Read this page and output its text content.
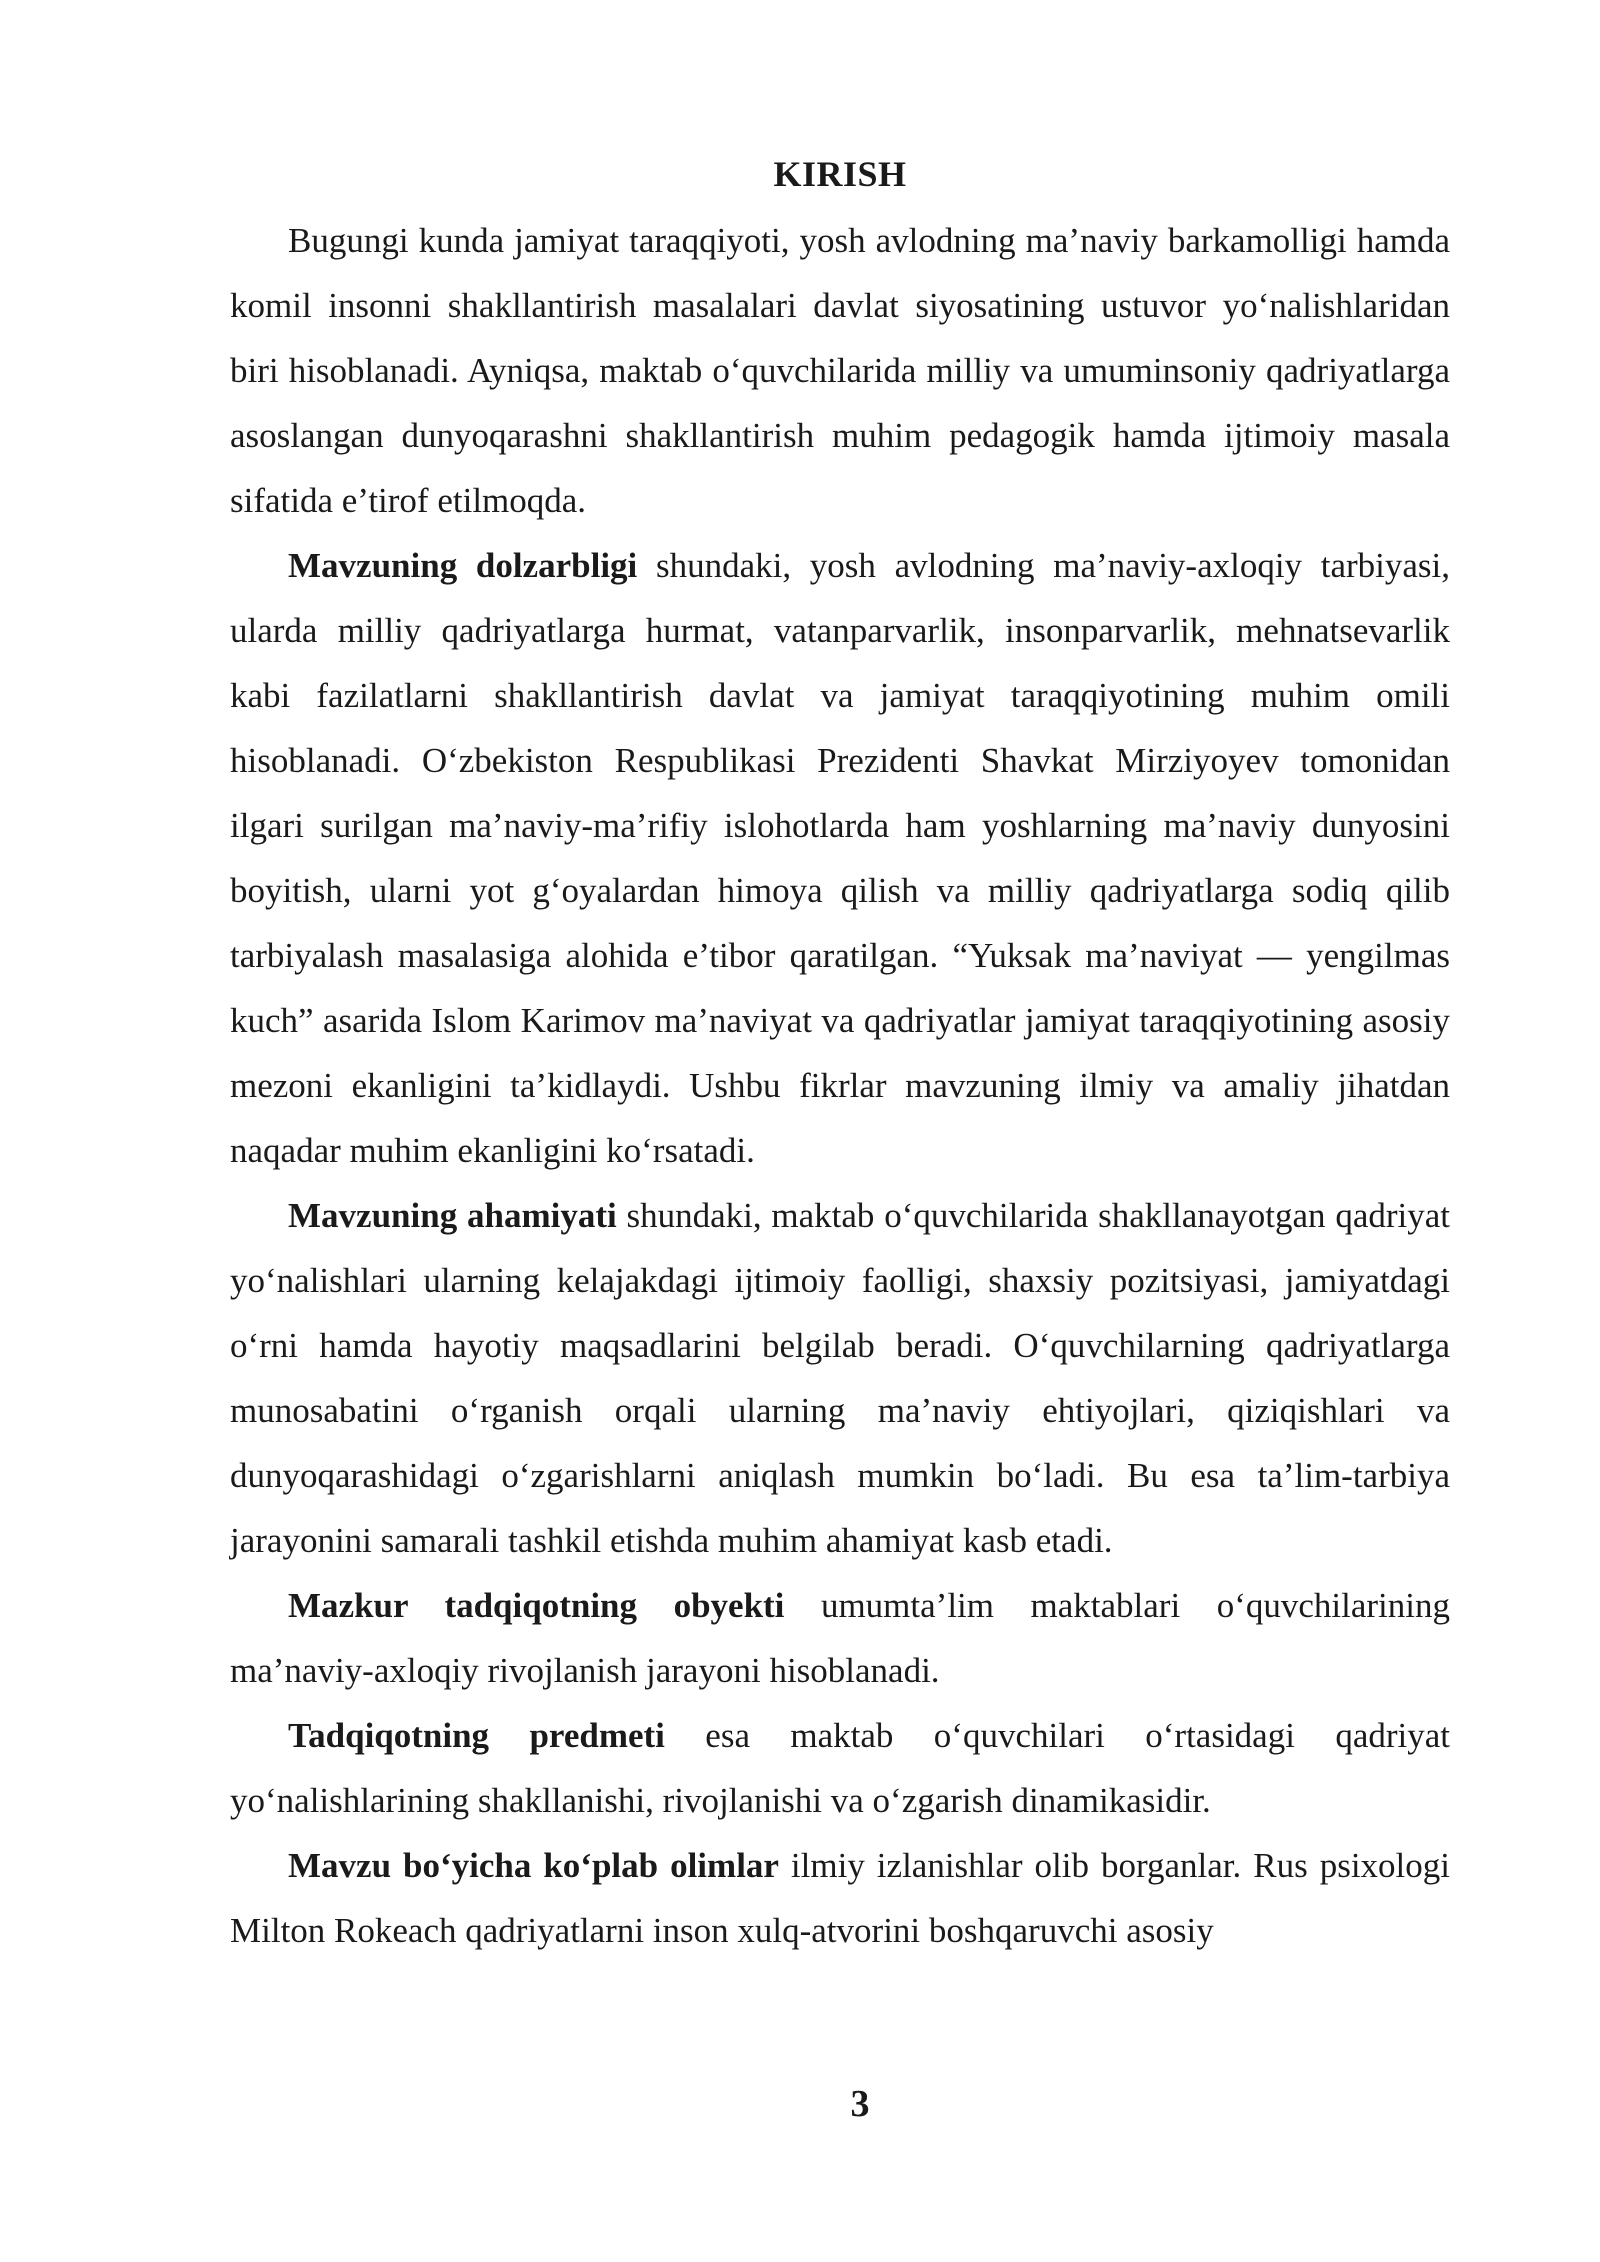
KIRISH

Bugungi kunda jamiyat taraqqiyoti, yosh avlodning ma’naviy barkamolligi hamda komil insonni shakllantirish masalalari davlat siyosatining ustuvor yo‘nalishlaridan biri hisoblanadi. Ayniqsa, maktab o‘quvchilarida milliy va umuminsoniy qadriyatlarga asoslangan dunyoqarashni shakllantirish muhim pedagogik hamda ijtimoiy masala sifatida e’tirof etilmoqda.

Mavzuning dolzarbligi shundaki, yosh avlodning ma’naviy-axloqiy tarbiyasi, ularda milliy qadriyatlarga hurmat, vatanparvarlik, insonparvarlik, mehnatsevarlik kabi fazilatlarni shakllantirish davlat va jamiyat taraqqiyotining muhim omili hisoblanadi. O‘zbekiston Respublikasi Prezidenti Shavkat Mirziyoyev tomonidan ilgari surilgan ma’naviy-ma’rifiy islohotlarda ham yoshlarning ma’naviy dunyosini boyitish, ularni yot g‘oyalardan himoya qilish va milliy qadriyatlarga sodiq qilib tarbiyalash masalasiga alohida e’tibor qaratilgan. “Yuksak ma’naviyat — yengilmas kuch” asarida Islom Karimov ma’naviyat va qadriyatlar jamiyat taraqqiyotining asosiy mezoni ekanligini ta’kidlaydi. Ushbu fikrlar mavzuning ilmiy va amaliy jihatdan naqadar muhim ekanligini ko‘rsatadi.

Mavzuning ahamiyati shundaki, maktab o‘quvchilarida shakllanayotgan qadriyat yo‘nalishlari ularning kelajakdagi ijtimoiy faolligi, shaxsiy pozitsiyasi, jamiyatdagi o‘rni hamda hayotiy maqsadlarini belgilab beradi. O‘quvchilarning qadriyatlarga munosabatini o‘rganish orqali ularning ma’naviy ehtiyojlari, qiziqishlari va dunyoqarashidagi o‘zgarishlarni aniqlash mumkin bo‘ladi. Bu esa ta’lim-tarbiya jarayonini samarali tashkil etishda muhim ahamiyat kasb etadi.

Mazkur tadqiqotning obyekti umumta’lim maktablari o‘quvchilarining ma’naviy-axloqiy rivojlanish jarayoni hisoblanadi.

Tadqiqotning predmeti esa maktab o‘quvchilari o‘rtasidagi qadriyat yo‘nalishlarining shakllanishi, rivojlanishi va o‘zgarish dinamikasidir.

Mavzu bo‘yicha ko‘plab olimlar ilmiy izlanishlar olib borganlar. Rus psixologi Milton Rokeach qadriyatlarni inson xulq-atvorini boshqaruvchi asosiy

3
